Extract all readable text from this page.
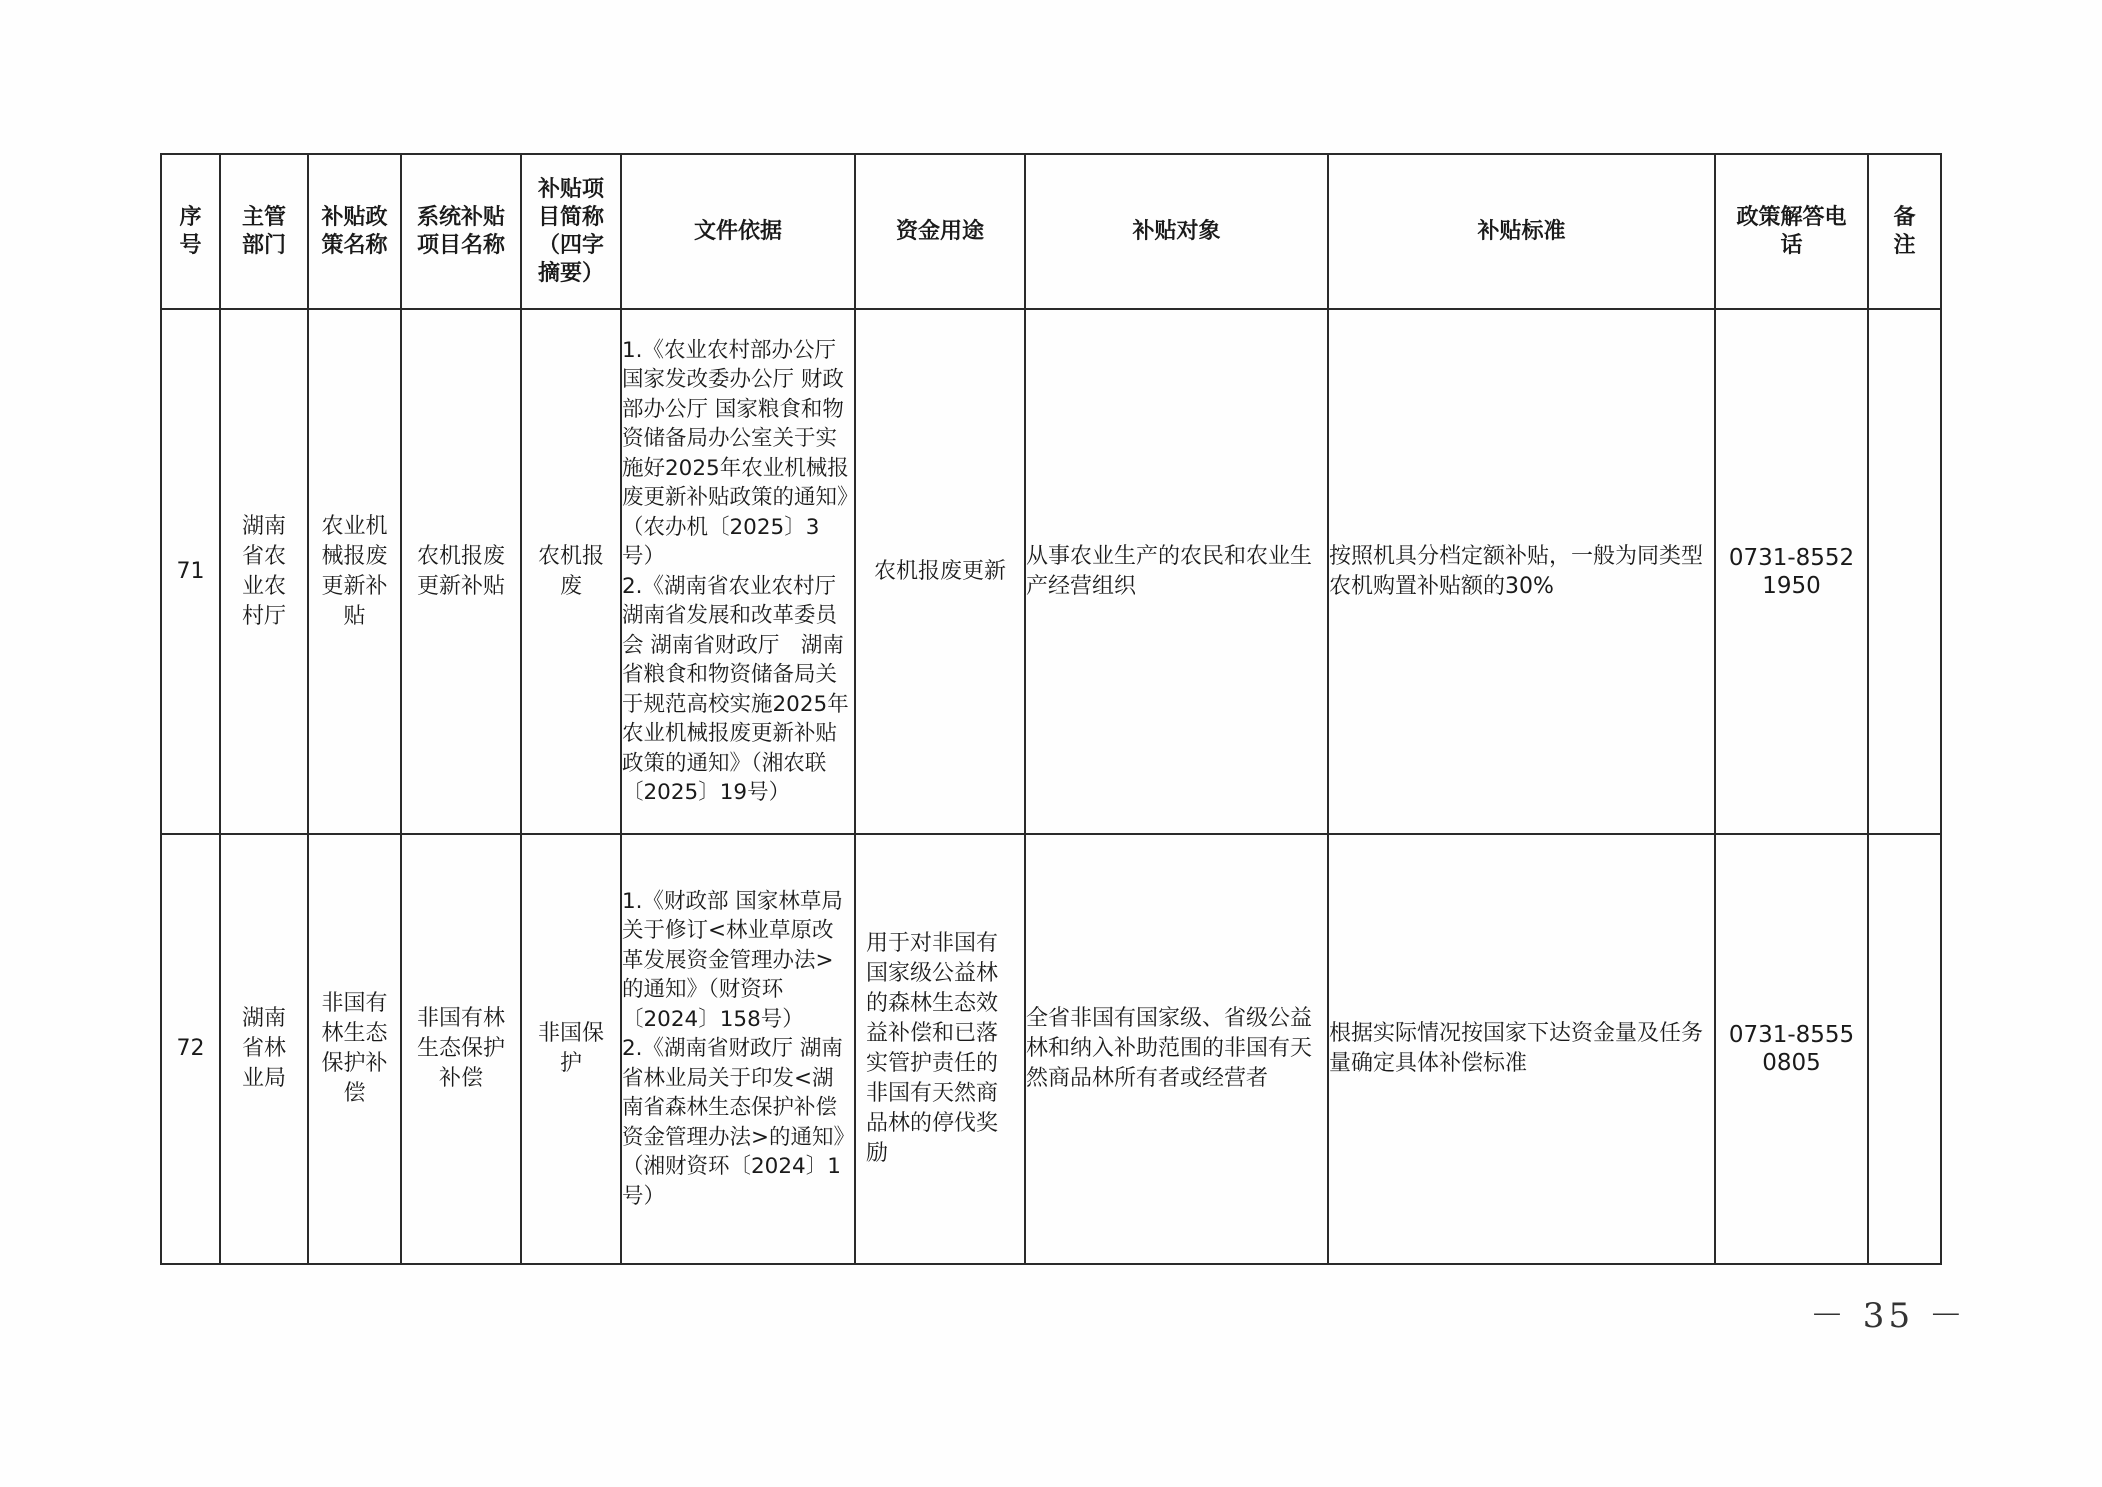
序号	主管部门	补贴政策名称	系统补贴项目名称	补贴项目简称（四字摘要）	文件依据	资金用途	补贴对象	补贴标准	政策解答电话	备注

71	湖南省农业农村厅	农业机械报废更新补贴	农机报废更新补贴	农机报废	1.《农业农村部办公厅 国家发改委办公厅 财政部办公厅 国家粮食和物资储备局办公室关于实施好2025年农业机械报废更新补贴政策的通知》（农办机〔2025〕3号）
2.《湖南省农业农村厅 湖南省发展和改革委员会 湖南省财政厅　湖南省粮食和物资储备局关于规范高校实施2025年农业机械报废更新补贴政策的通知》（湘农联〔2025〕19号）	农机报废更新	从事农业生产的农民和农业生产经营组织	按照机具分档定额补贴，一般为同类型农机购置补贴额的30%	0731-8552 1950	

72	湖南省林业局	非国有林生态保护补偿	非国有林生态保护补偿	非国保护	1.《财政部 国家林草局关于修订<林业草原改革发展资金管理办法>的通知》（财资环〔2024〕158号）
2.《湖南省财政厅 湖南省林业局关于印发<湖南省森林生态保护补偿资金管理办法>的通知》（湘财资环〔2024〕1号）	用于对非国有国家级公益林的森林生态效益补偿和已落实管护责任的非国有天然商品林的停伐奖励	全省非国有国家级、省级公益林和纳入补助范围的非国有天然商品林所有者或经营者	根据实际情况按国家下达资金量及任务量确定具体补偿标准	0731-8555 0805	

－ 35 －
